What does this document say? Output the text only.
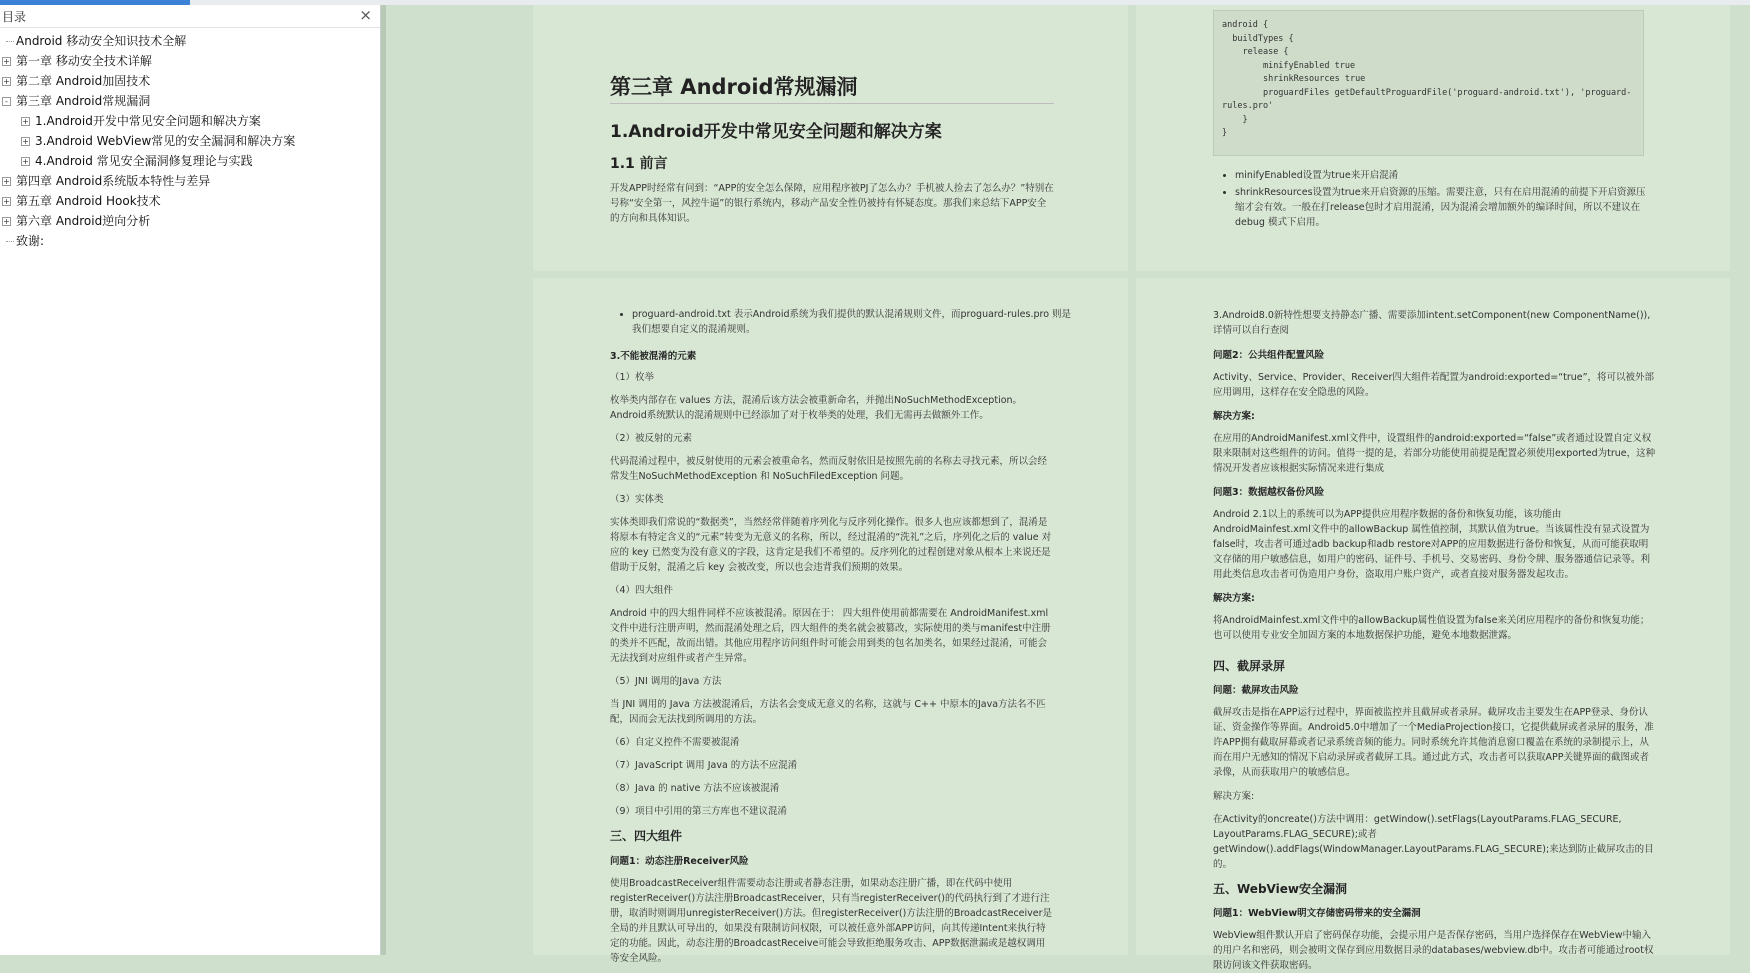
目录	×
Android 移动安全知识技术全解
+ 第一章 移动安全技术详解
+ 第二章 Android加固技术
- 第三章 Android常规漏洞
+ 1.Android开发中常见安全问题和解决方案
+ 3.Android WebView常见的安全漏洞和解决方案
+ 4.Android 常见安全漏洞修复理论与实践
+ 第四章 Android系统版本特性与差异
+ 第五章 Android Hook技术
+ 第六章 Android逆向分析
致谢:
第三章 Android常规漏洞
1.Android开发中常见安全问题和解决方案
1.1 前言

开发APP时经常有问到：“APP的安全怎么保障，应用程序被PJ了怎么办？手机被人捡去了怎么办？”特别在号称“安全第一，风控牛逼”的银行系统内，移动产品安全性仍被持有怀疑态度。那我们来总结下APP安全的方向和具体知识。

android {
buildTypes {
release {
minifyEnabled true
shrinkResources true
proguardFiles getDefaultProguardFile('proguard-android.txt'), 'proguard-rules.pro'
}
}
• minifyEnabled设置为true来开启混淆
• shrinkResources设置为true来开启资源的压缩。需要注意，只有在启用混淆的前提下开启资源压缩才会有效。一般在打release包时才启用混淆，因为混淆会增加额外的编译时间，所以不建议在debug 模式下启用。
• proguard-android.txt 表示Android系统为我们提供的默认混淆规则文件，而proguard-rules.pro 则是我们想要自定义的混淆规则。
3.不能被混淆的元素

（1）枚举

枚举类内部存在 values 方法，混淆后该方法会被重新命名，并抛出NoSuchMethodException。Android系统默认的混淆规则中已经添加了对于枚举类的处理，我们无需再去做额外工作。

（2）被反射的元素

代码混淆过程中，被反射使用的元素会被重命名，然而反射依旧是按照先前的名称去寻找元素，所以会经常发生NoSuchMethodException 和 NoSuchFiledException 问题。

（3）实体类

实体类即我们常说的“数据类”，当然经常伴随着序列化与反序列化操作。很多人也应该都想到了，混淆是将原本有特定含义的“元素”转变为无意义的名称，所以，经过混淆的“洗礼”之后，序列化之后的 value 对应的 key 已然变为没有意义的字段，这肯定是我们不希望的。反序列化的过程创建对象从根本上来说还是借助于反射，混淆之后 key 会被改变，所以也会违背我们预期的效果。

（4）四大组件

Android 中的四大组件同样不应该被混淆。原因在于： 四大组件使用前都需要在 AndroidManifest.xml 文件中进行注册声明，然而混淆处理之后，四大组件的类名就会被篡改，实际使用的类与manifest中注册的类并不匹配，故而出错。其他应用程序访问组件时可能会用到类的包名加类名，如果经过混淆，可能会无法找到对应组件或者产生异常。

（5）JNI 调用的Java 方法

当 JNI 调用的 Java 方法被混淆后，方法名会变成无意义的名称，这就与 C++ 中原本的Java方法名不匹配，因而会无法找到所调用的方法。

（6）自定义控件不需要被混淆

（7）JavaScript 调用 Java 的方法不应混淆

（8）Java 的 native 方法不应该被混淆

（9）项目中引用的第三方库也不建议混淆

三、四大组件
问题1：动态注册Receiver风险

使用BroadcastReceiver组件需要动态注册或者静态注册，如果动态注册广播，即在代码中使用registerReceiver()方法注册BroadcastReceiver，只有当registerReceiver()的代码执行到了才进行注册，取消时则调用unregisterReceiver()方法。但registerReceiver()方法注册的BroadcastReceiver是全局的并且默认可导出的，如果没有限制访问权限，可以被任意外部APP访问，向其传递Intent来执行特定的功能。因此，动态注册的BroadcastReceive可能会导致拒绝服务攻击、APP数据泄漏或是越权调用等安全风险。

3.Android8.0新特性想要支持静态广播、需要添加intent.setComponent(new ComponentName()),详情可以自行查阅

问题2：公共组件配置风险

Activity、Service、Provider、Receiver四大组件若配置为android:exported=“true”，将可以被外部应用调用，这样存在安全隐患的风险。

解决方案:

在应用的AndroidManifest.xml文件中，设置组件的android:exported=“false”或者通过设置自定义权限来限制对这些组件的访问。值得一提的是，若部分功能使用前提是配置必须使用exported为true，这种情况开发者应该根据实际情况来进行集成

问题3：数据越权备份风险

Android 2.1以上的系统可以为APP提供应用程序数据的备份和恢复功能，该功能由AndroidMainfest.xml文件中的allowBackup 属性值控制，其默认值为true。当该属性没有显式设置为false时，攻击者可通过adb backup和adb restore对APP的应用数据进行备份和恢复，从而可能获取明文存储的用户敏感信息，如用户的密码、证件号、手机号、交易密码、身份令牌、服务器通信记录等。利用此类信息攻击者可伪造用户身份，盗取用户账户资产，或者直接对服务器发起攻击。

解决方案:

将AndroidMainfest.xml文件中的allowBackup属性值设置为false来关闭应用程序的备份和恢复功能；也可以使用专业安全加固方案的本地数据保护功能，避免本地数据泄露。

四、截屏录屏
问题：截屏攻击风险

截屏攻击是指在APP运行过程中，界面被监控并且截屏或者录屏。截屏攻击主要发生在APP登录、身份认证、资金操作等界面。Android5.0中增加了一个MediaProjection接口，它提供截屏或者录屏的服务，准许APP拥有截取屏幕或者记录系统音频的能力。同时系统允许其他消息窗口覆盖在系统的录制提示上，从而在用户无感知的情况下启动录屏或者截屏工具。通过此方式，攻击者可以获取APP关键界面的截图或者录像，从而获取用户的敏感信息。

解决方案:

在Activity的oncreate()方法中调用：getWindow().setFlags(LayoutParams.FLAG_SECURE, LayoutParams.FLAG_SECURE);或者getWindow().addFlags(WindowManager.LayoutParams.FLAG_SECURE);来达到防止截屏攻击的目的。

五、WebView安全漏洞
问题1：WebView明文存储密码带来的安全漏洞

WebView组件默认开启了密码保存功能，会提示用户是否保存密码，当用户选择保存在WebView中输入的用户名和密码，则会被明文保存到应用数据目录的databases/webview.db中。攻击者可能通过root权限访问该文件获取密码。
